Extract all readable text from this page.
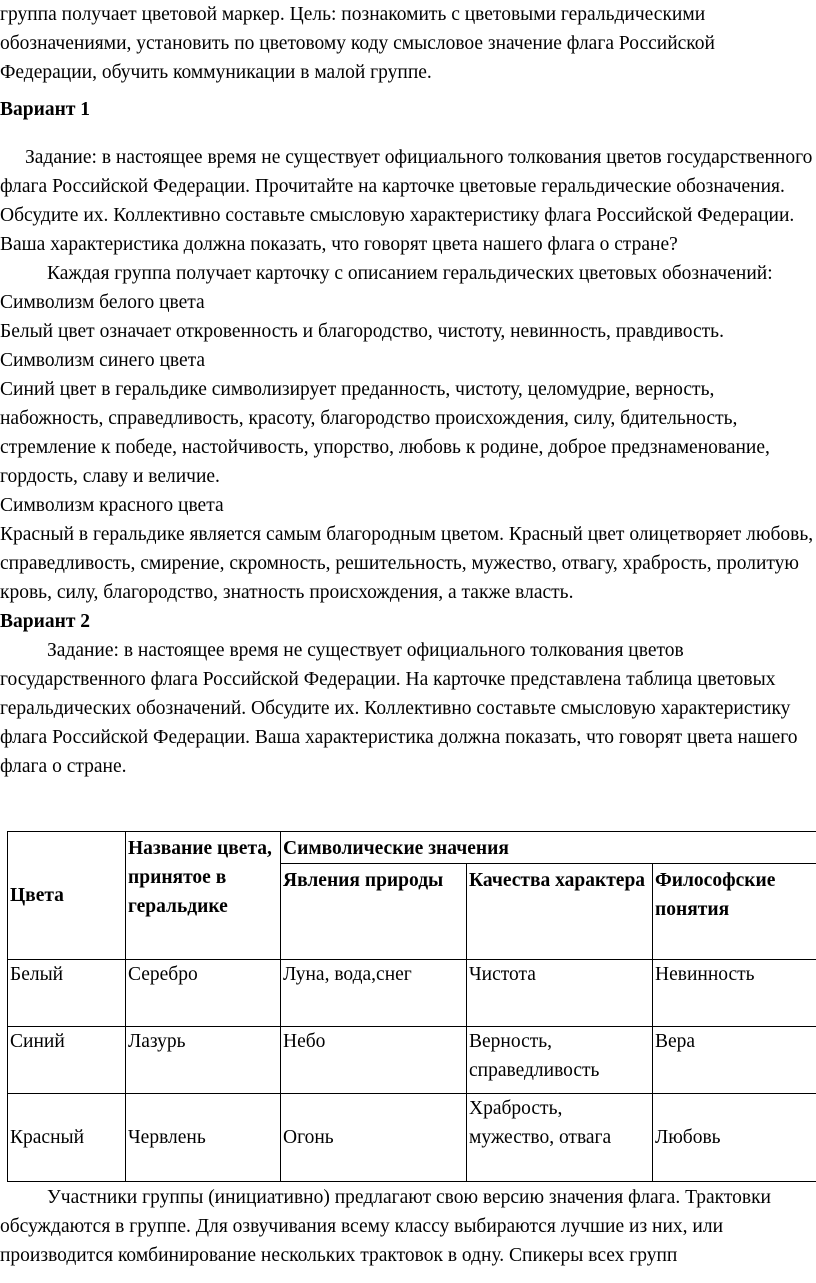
группа получает цветовой маркер. Цель: познакомить с цветовыми геральдическими обозначениями, установить по цветовому коду смысловое значение флага Российской Федерации, обучить коммуникации в малой группе.

Вариант 1

Задание: в настоящее время не существует официального толкования цветов государственного флага Российской Федерации. Прочитайте на карточке цветовые геральдические обозначения. Обсудите их. Коллективно составьте смысловую характеристику флага Российской Федерации. Ваша характеристика должна показать, что говорят цвета нашего флага о стране?

Каждая группа получает карточку с описанием геральдических цветовых обозначений:

Символизм белого цвета

Белый цвет означает откровенность и благородство, чистоту, невинность, правдивость.

Символизм синего цвета

Синий цвет в геральдике символизирует преданность, чистоту, целомудрие, верность, набожность, справедливость, красоту, благородство происхождения, силу, бдительность, стремление к победе, настойчивость, упорство, любовь к родине, доброе предзнаменование, гордость, славу и величие.

Символизм красного цвета

Красный в геральдике является самым благородным цветом. Красный цвет олицетворяет любовь, справедливость, смирение, скромность, решительность, мужество, отвагу, храбрость, пролитую кровь, силу, благородство, знатность происхождения, а также власть.

Вариант 2

Задание: в настоящее время не существует официального толкования цветов государственного флага Российской Федерации. На карточке представлена таблица цветовых геральдических обозначений. Обсудите их. Коллективно составьте смысловую характеристику флага Российской Федерации. Ваша характеристика должна показать, что говорят цвета нашего флага о стране.

Цвета	Название цвета, принятое в геральдике	Символические значения		
		Явления природы	Качества характера	Философские понятия
Белый	Серебро	Луна, вода,снег	Чистота	Невинность
Синий	Лазурь	Небо	Верность, справедливость	Вера
Красный	Червлень	Огонь	Храбрость, мужество, отвага	Любовь

Участники группы (инициативно) предлагают свою версию значения флага. Трактовки обсуждаются в группе. Для озвучивания всему классу выбираются лучшие из них, или производится комбинирование нескольких трактовок в одну. Спикеры всех групп
